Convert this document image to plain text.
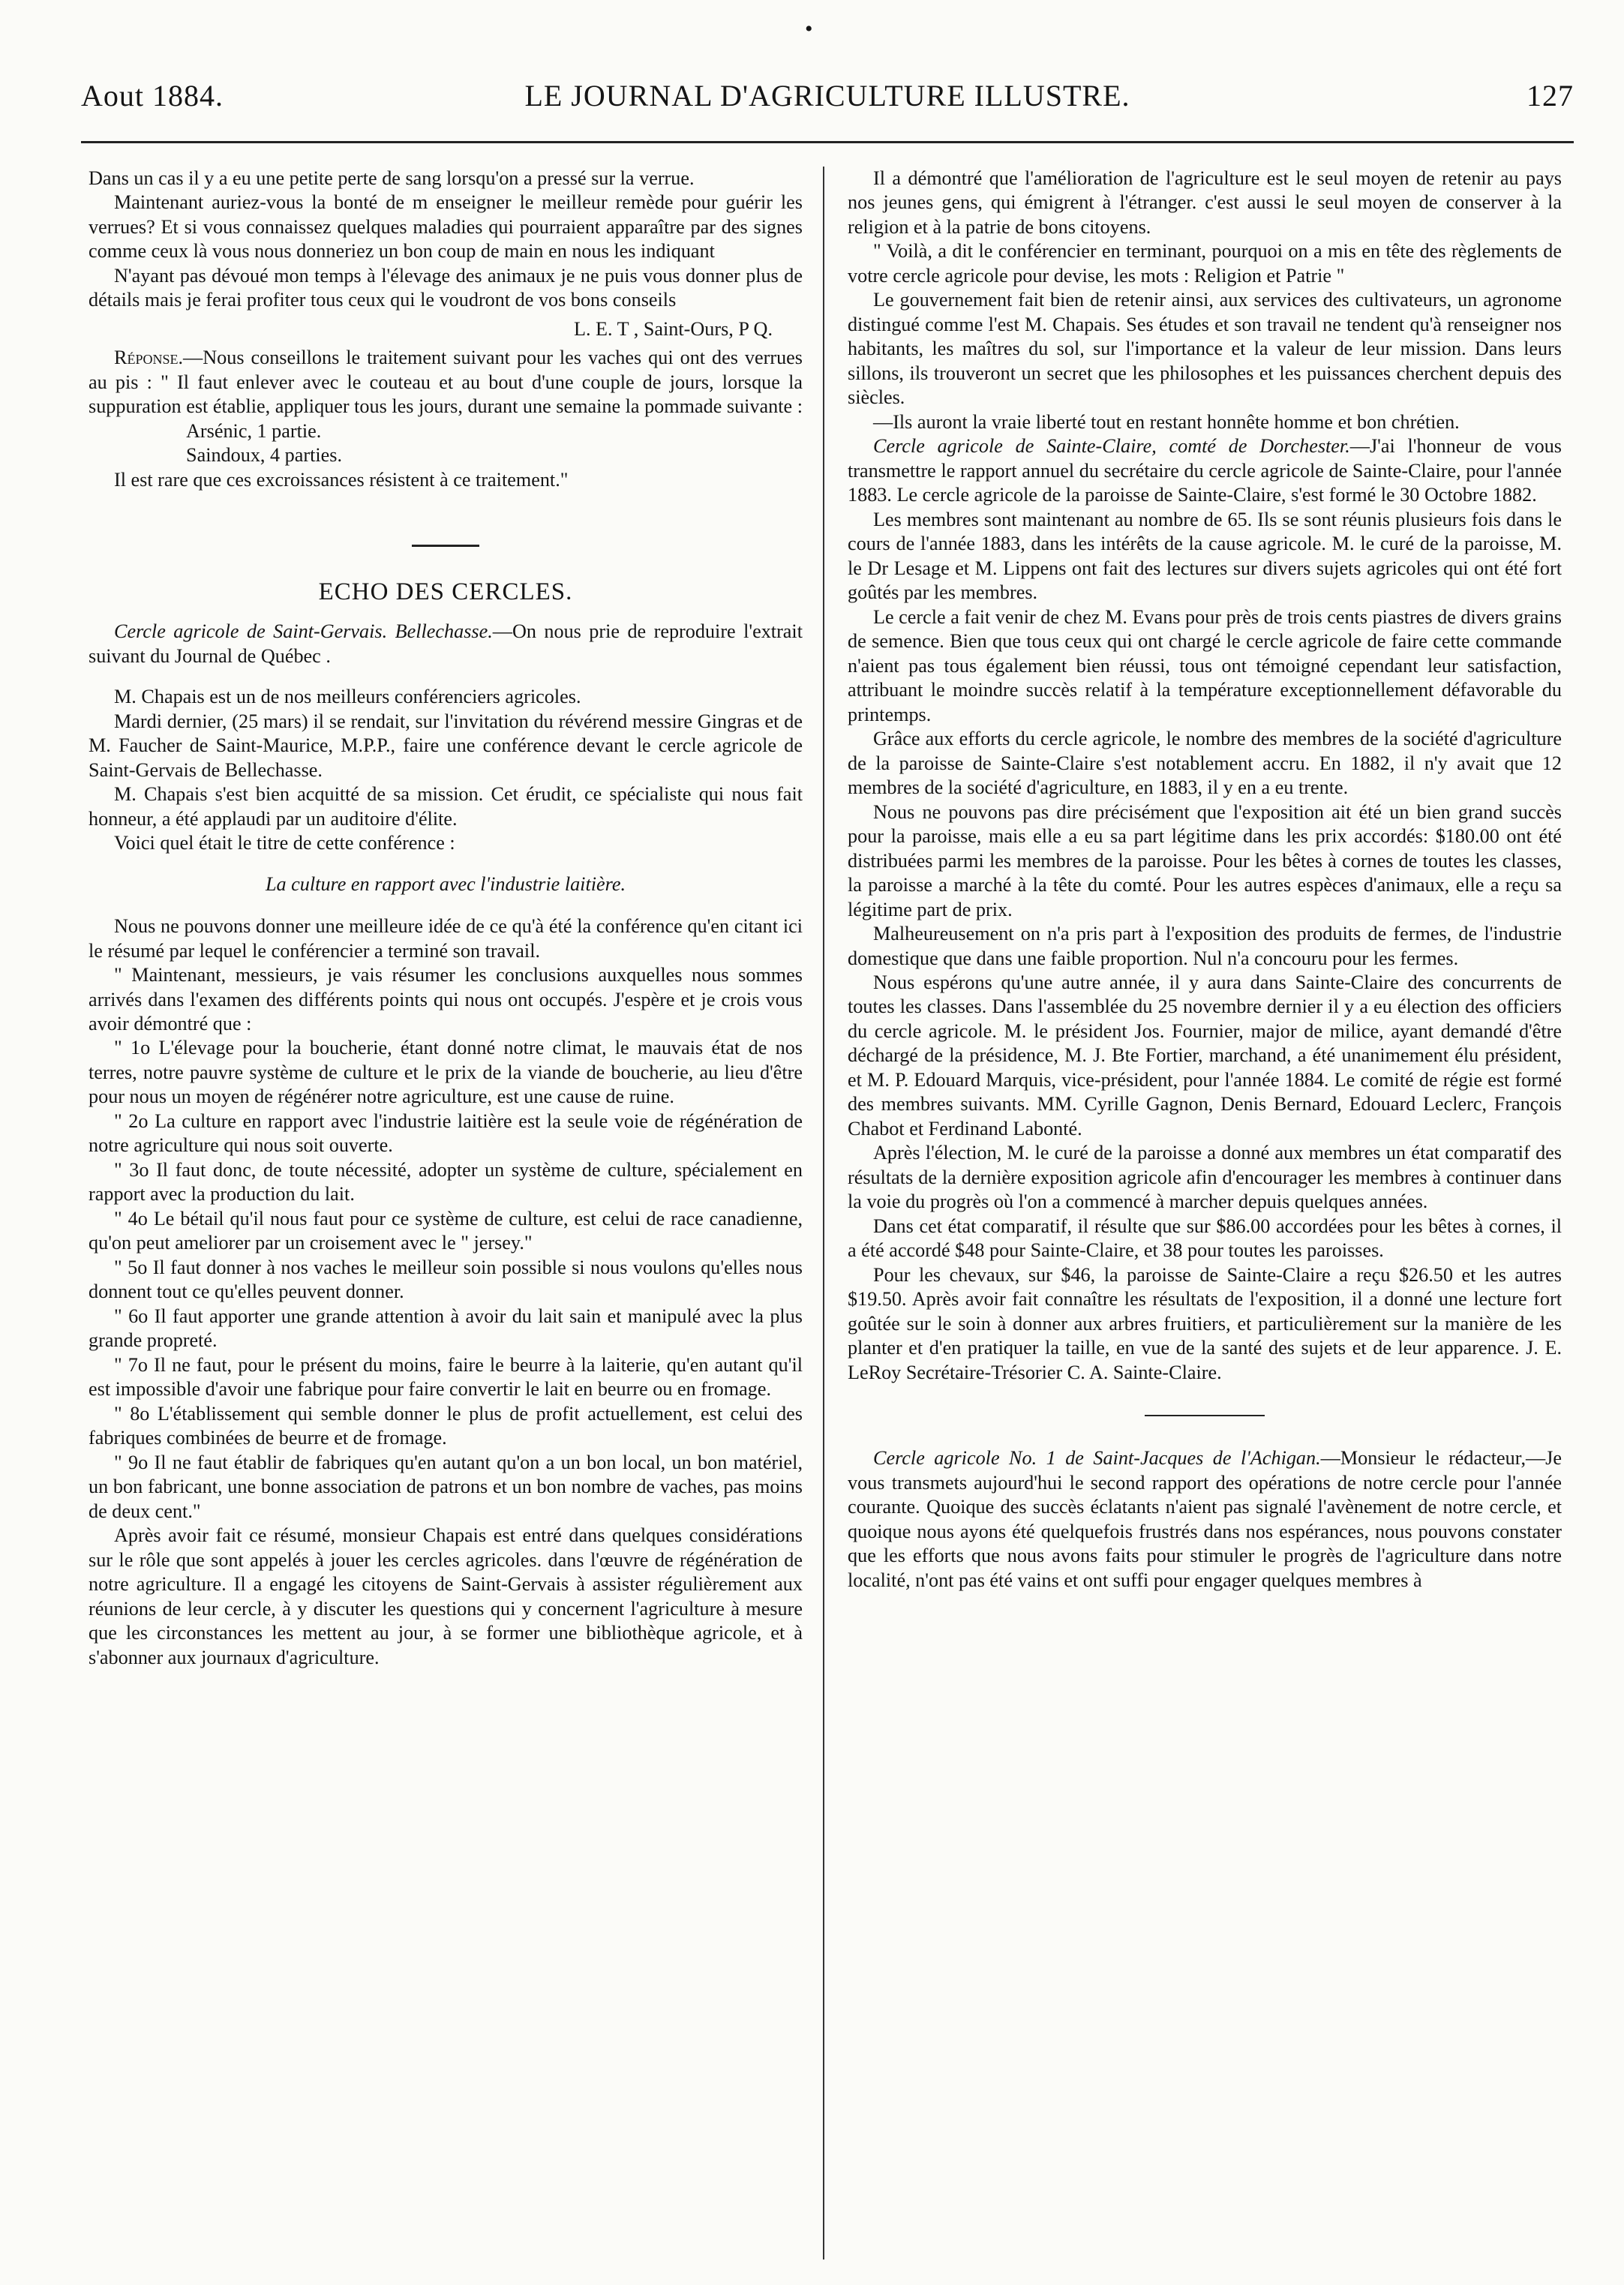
•
Aout 1884.	LE JOURNAL D'AGRICULTURE ILLUSTRE.	127

Dans un cas il y a eu une petite perte de sang lorsqu'on a pressé sur la verrue.

Maintenant auriez-vous la bonté de m enseigner le meilleur remède pour guérir les verrues? Et si vous connaissez quelques maladies qui pourraient apparaître par des signes comme ceux là vous nous donneriez un bon coup de main en nous les indiquant

N'ayant pas dévoué mon temps à l'élevage des animaux je ne puis vous donner plus de détails mais je ferai profiter tous ceux qui le voudront de vos bons conseils

L. E. T , Saint-Ours, P Q.

Réponse.—Nous conseillons le traitement suivant pour les vaches qui ont des verrues au pis : " Il faut enlever avec le couteau et au bout d'une couple de jours, lorsque la suppuration est établie, appliquer tous les jours, durant une semaine la pommade suivante :

Arsénic, 1 partie.

Saindoux, 4 parties.

Il est rare que ces excroissances résistent à ce traitement."

ECHO DES CERCLES.

Cercle agricole de Saint-Gervais. Bellechasse.—On nous prie de reproduire l'extrait suivant du Journal de Québec .

M. Chapais est un de nos meilleurs conférenciers agricoles.

Mardi dernier, (25 mars) il se rendait, sur l'invitation du révérend messire Gingras et de M. Faucher de Saint-Maurice, M.P.P., faire une conférence devant le cercle agricole de Saint-Gervais de Bellechasse.

M. Chapais s'est bien acquitté de sa mission. Cet érudit, ce spécialiste qui nous fait honneur, a été applaudi par un auditoire d'élite.

Voici quel était le titre de cette conférence :

La culture en rapport avec l'industrie laitière.

Nous ne pouvons donner une meilleure idée de ce qu'à été la conférence qu'en citant ici le résumé par lequel le conférencier a terminé son travail.

" Maintenant, messieurs, je vais résumer les conclusions auxquelles nous sommes arrivés dans l'examen des différents points qui nous ont occupés. J'espère et je crois vous avoir démontré que :

" 1o L'élevage pour la boucherie, étant donné notre climat, le mauvais état de nos terres, notre pauvre système de culture et le prix de la viande de boucherie, au lieu d'être pour nous un moyen de régénérer notre agriculture, est une cause de ruine.

" 2o La culture en rapport avec l'industrie laitière est la seule voie de régénération de notre agriculture qui nous soit ouverte.

" 3o Il faut donc, de toute nécessité, adopter un système de culture, spécialement en rapport avec la production du lait.

" 4o Le bétail qu'il nous faut pour ce système de culture, est celui de race canadienne, qu'on peut ameliorer par un croisement avec le " jersey."

" 5o Il faut donner à nos vaches le meilleur soin possible si nous voulons qu'elles nous donnent tout ce qu'elles peuvent donner.

" 6o Il faut apporter une grande attention à avoir du lait sain et manipulé avec la plus grande propreté.

" 7o Il ne faut, pour le présent du moins, faire le beurre à la laiterie, qu'en autant qu'il est impossible d'avoir une fabrique pour faire convertir le lait en beurre ou en fromage.

" 8o L'établissement qui semble donner le plus de profit actuellement, est celui des fabriques combinées de beurre et de fromage.

" 9o Il ne faut établir de fabriques qu'en autant qu'on a un bon local, un bon matériel, un bon fabricant, une bonne association de patrons et un bon nombre de vaches, pas moins de deux cent."

Après avoir fait ce résumé, monsieur Chapais est entré dans quelques considérations sur le rôle que sont appelés à jouer les cercles agricoles. dans l'œuvre de régénération de notre agriculture. Il a engagé les citoyens de Saint-Gervais à assister régulièrement aux réunions de leur cercle, à y discuter les questions qui y concernent l'agriculture à mesure que les circonstances les mettent au jour, à se former une bibliothèque agricole, et à s'abonner aux journaux d'agriculture.

Il a démontré que l'amélioration de l'agriculture est le seul moyen de retenir au pays nos jeunes gens, qui émigrent à l'étranger. c'est aussi le seul moyen de conserver à la religion et à la patrie de bons citoyens.

" Voilà, a dit le conférencier en terminant, pourquoi on a mis en tête des règlements de votre cercle agricole pour devise, les mots : Religion et Patrie "

Le gouvernement fait bien de retenir ainsi, aux services des cultivateurs, un agronome distingué comme l'est M. Chapais. Ses études et son travail ne tendent qu'à renseigner nos habitants, les maîtres du sol, sur l'importance et la valeur de leur mission. Dans leurs sillons, ils trouveront un secret que les philosophes et les puissances cherchent depuis des siècles.

—Ils auront la vraie liberté tout en restant honnête homme et bon chrétien.

Cercle agricole de Sainte-Claire, comté de Dorchester.—J'ai l'honneur de vous transmettre le rapport annuel du secrétaire du cercle agricole de Sainte-Claire, pour l'année 1883. Le cercle agricole de la paroisse de Sainte-Claire, s'est formé le 30 Octobre 1882.

Les membres sont maintenant au nombre de 65. Ils se sont réunis plusieurs fois dans le cours de l'année 1883, dans les intérêts de la cause agricole. M. le curé de la paroisse, M. le Dr Lesage et M. Lippens ont fait des lectures sur divers sujets agricoles qui ont été fort goûtés par les membres.

Le cercle a fait venir de chez M. Evans pour près de trois cents piastres de divers grains de semence. Bien que tous ceux qui ont chargé le cercle agricole de faire cette commande n'aient pas tous également bien réussi, tous ont témoigné cependant leur satisfaction, attribuant le moindre succès relatif à la température exceptionnellement défavorable du printemps.

Grâce aux efforts du cercle agricole, le nombre des membres de la société d'agriculture de la paroisse de Sainte-Claire s'est notablement accru. En 1882, il n'y avait que 12 membres de la société d'agriculture, en 1883, il y en a eu trente.

Nous ne pouvons pas dire précisément que l'exposition ait été un bien grand succès pour la paroisse, mais elle a eu sa part légitime dans les prix accordés: $180.00 ont été distribuées parmi les membres de la paroisse. Pour les bêtes à cornes de toutes les classes, la paroisse a marché à la tête du comté. Pour les autres espèces d'animaux, elle a reçu sa légitime part de prix.

Malheureusement on n'a pris part à l'exposition des produits de fermes, de l'industrie domestique que dans une faible proportion. Nul n'a concouru pour les fermes.

Nous espérons qu'une autre année, il y aura dans Sainte-Claire des concurrents de toutes les classes. Dans l'assemblée du 25 novembre dernier il y a eu élection des officiers du cercle agricole. M. le président Jos. Fournier, major de milice, ayant demandé d'être déchargé de la présidence, M. J. Bte Fortier, marchand, a été unanimement élu président, et M. P. Edouard Marquis, vice-président, pour l'année 1884. Le comité de régie est formé des membres suivants. MM. Cyrille Gagnon, Denis Bernard, Edouard Leclerc, François Chabot et Ferdinand Labonté.

Après l'élection, M. le curé de la paroisse a donné aux membres un état comparatif des résultats de la dernière exposition agricole afin d'encourager les membres à continuer dans la voie du progrès où l'on a commencé à marcher depuis quelques années.

Dans cet état comparatif, il résulte que sur $86.00 accordées pour les bêtes à cornes, il a été accordé $48 pour Sainte-Claire, et 38 pour toutes les paroisses.

Pour les chevaux, sur $46, la paroisse de Sainte-Claire a reçu $26.50 et les autres $19.50. Après avoir fait connaître les résultats de l'exposition, il a donné une lecture fort goûtée sur le soin à donner aux arbres fruitiers, et particulièrement sur la manière de les planter et d'en pratiquer la taille, en vue de la santé des sujets et de leur apparence. J. E. LeRoy Secrétaire-Trésorier C. A. Sainte-Claire.

Cercle agricole No. 1 de Saint-Jacques de l'Achigan.—Monsieur le rédacteur,—Je vous transmets aujourd'hui le second rapport des opérations de notre cercle pour l'année courante. Quoique des succès éclatants n'aient pas signalé l'avènement de notre cercle, et quoique nous ayons été quelquefois frustrés dans nos espérances, nous pouvons constater que les efforts que nous avons faits pour stimuler le progrès de l'agriculture dans notre localité, n'ont pas été vains et ont suffi pour engager quelques membres à
